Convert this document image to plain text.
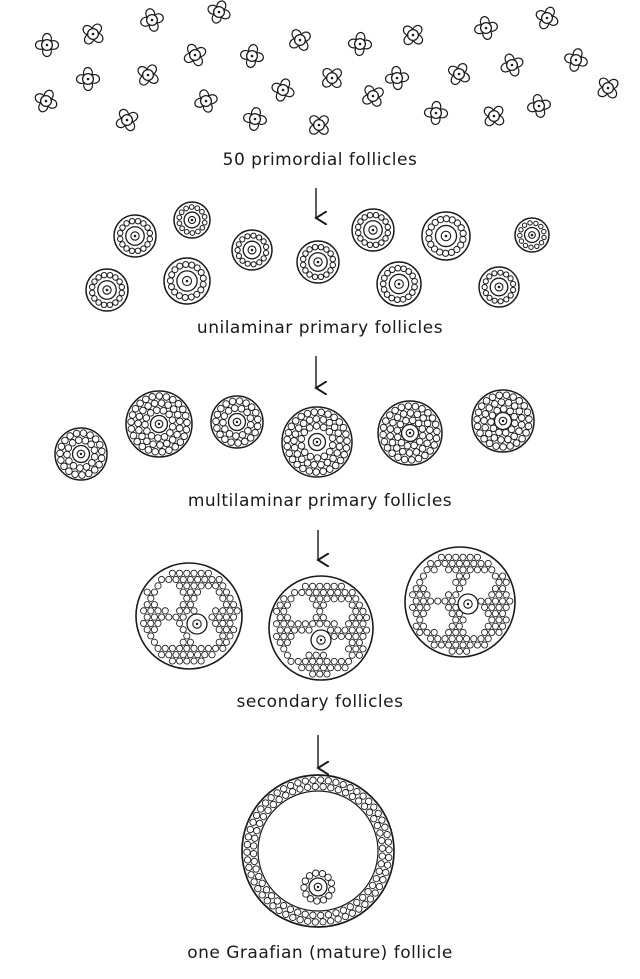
50 primordial follicles
unilaminar primary follicles
multilaminar primary follicles
secondary follicles
one Graafian (mature) follicle
